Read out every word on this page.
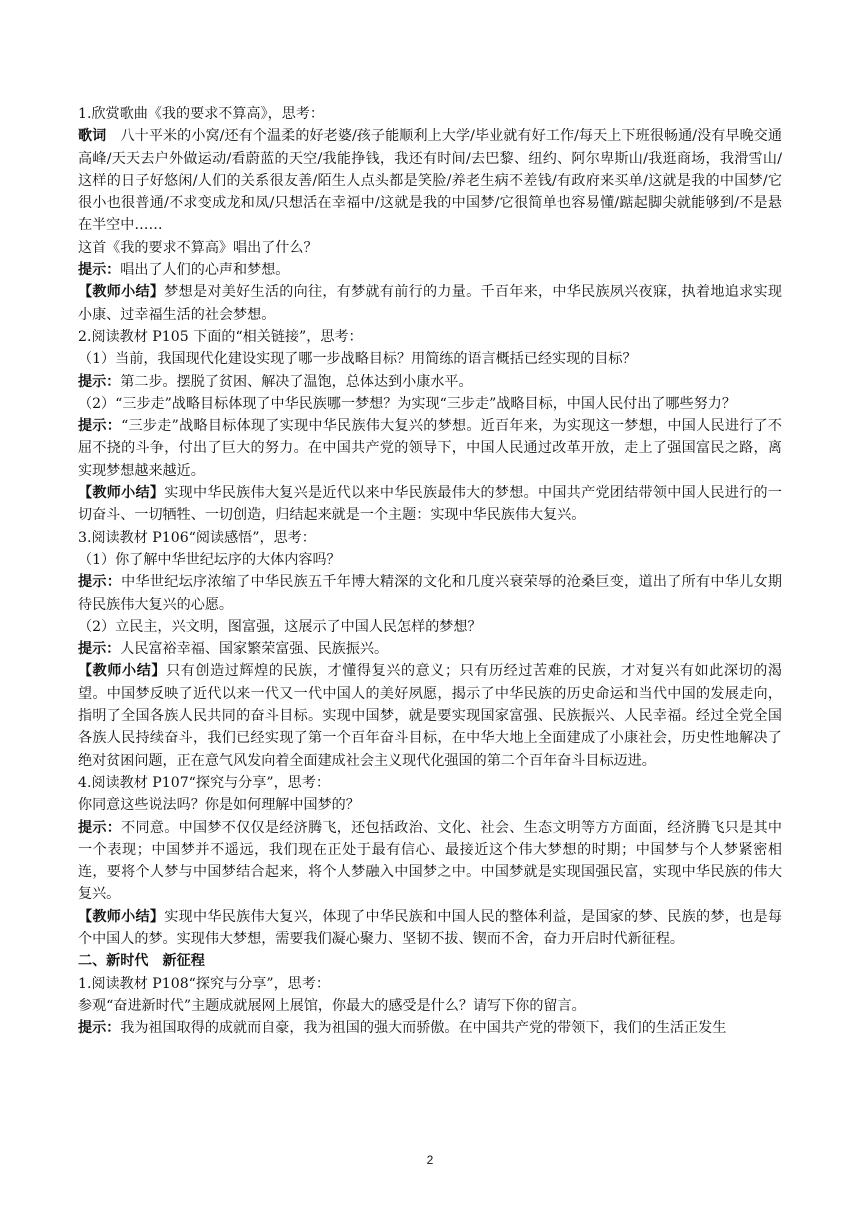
1.欣赏歌曲《我的要求不算高》，思考：

歌词　八十平米的小窝/还有个温柔的好老婆/孩子能顺利上大学/毕业就有好工作/每天上下班很畅通/没有早晚交通高峰/天天去户外做运动/看蔚蓝的天空/我能挣钱，我还有时间/去巴黎、纽约、阿尔卑斯山/我逛商场，我滑雪山/这样的日子好悠闲/人们的关系很友善/陌生人点头都是笑脸/养老生病不差钱/有政府来买单/这就是我的中国梦/它很小也很普通/不求变成龙和凤/只想活在幸福中/这就是我的中国梦/它很简单也容易懂/踮起脚尖就能够到/不是悬在半空中……

这首《我的要求不算高》唱出了什么？

提示：唱出了人们的心声和梦想。

【教师小结】梦想是对美好生活的向往，有梦就有前行的力量。千百年来，中华民族夙兴夜寐，执着地追求实现小康、过幸福生活的社会梦想。

2.阅读教材 P105 下面的“相关链接”，思考：

（1）当前，我国现代化建设实现了哪一步战略目标？用简练的语言概括已经实现的目标？

提示：第二步。摆脱了贫困、解决了温饱，总体达到小康水平。

（2）“三步走”战略目标体现了中华民族哪一梦想？为实现“三步走”战略目标，中国人民付出了哪些努力？

提示：“三步走”战略目标体现了实现中华民族伟大复兴的梦想。近百年来，为实现这一梦想，中国人民进行了不屈不挠的斗争，付出了巨大的努力。在中国共产党的领导下，中国人民通过改革开放，走上了强国富民之路，离实现梦想越来越近。

【教师小结】实现中华民族伟大复兴是近代以来中华民族最伟大的梦想。中国共产党团结带领中国人民进行的一切奋斗、一切牺牲、一切创造，归结起来就是一个主题：实现中华民族伟大复兴。

3.阅读教材 P106“阅读感悟”，思考：

（1）你了解中华世纪坛序的大体内容吗？

提示：中华世纪坛序浓缩了中华民族五千年博大精深的文化和几度兴衰荣辱的沧桑巨变，道出了所有中华儿女期待民族伟大复兴的心愿。

（2）立民主，兴文明，图富强，这展示了中国人民怎样的梦想？

提示：人民富裕幸福、国家繁荣富强、民族振兴。

【教师小结】只有创造过辉煌的民族，才懂得复兴的意义；只有历经过苦难的民族，才对复兴有如此深切的渴望。中国梦反映了近代以来一代又一代中国人的美好夙愿，揭示了中华民族的历史命运和当代中国的发展走向，指明了全国各族人民共同的奋斗目标。实现中国梦，就是要实现国家富强、民族振兴、人民幸福。经过全党全国各族人民持续奋斗，我们已经实现了第一个百年奋斗目标，在中华大地上全面建成了小康社会，历史性地解决了绝对贫困问题，正在意气风发向着全面建成社会主义现代化强国的第二个百年奋斗目标迈进。

4.阅读教材 P107“探究与分享”，思考：

你同意这些说法吗？你是如何理解中国梦的？

提示：不同意。中国梦不仅仅是经济腾飞，还包括政治、文化、社会、生态文明等方方面面，经济腾飞只是其中一个表现；中国梦并不遥远，我们现在正处于最有信心、最接近这个伟大梦想的时期；中国梦与个人梦紧密相连，要将个人梦与中国梦结合起来，将个人梦融入中国梦之中。中国梦就是实现国强民富，实现中华民族的伟大复兴。

【教师小结】实现中华民族伟大复兴，体现了中华民族和中国人民的整体利益，是国家的梦、民族的梦，也是每个中国人的梦。实现伟大梦想，需要我们凝心聚力、坚韧不拔、锲而不舍，奋力开启时代新征程。

二、新时代　新征程

1.阅读教材 P108“探究与分享”，思考：

参观“奋进新时代”主题成就展网上展馆，你最大的感受是什么？请写下你的留言。

提示：我为祖国取得的成就而自豪，我为祖国的强大而骄傲。在中国共产党的带领下，我们的生活正发生

2
